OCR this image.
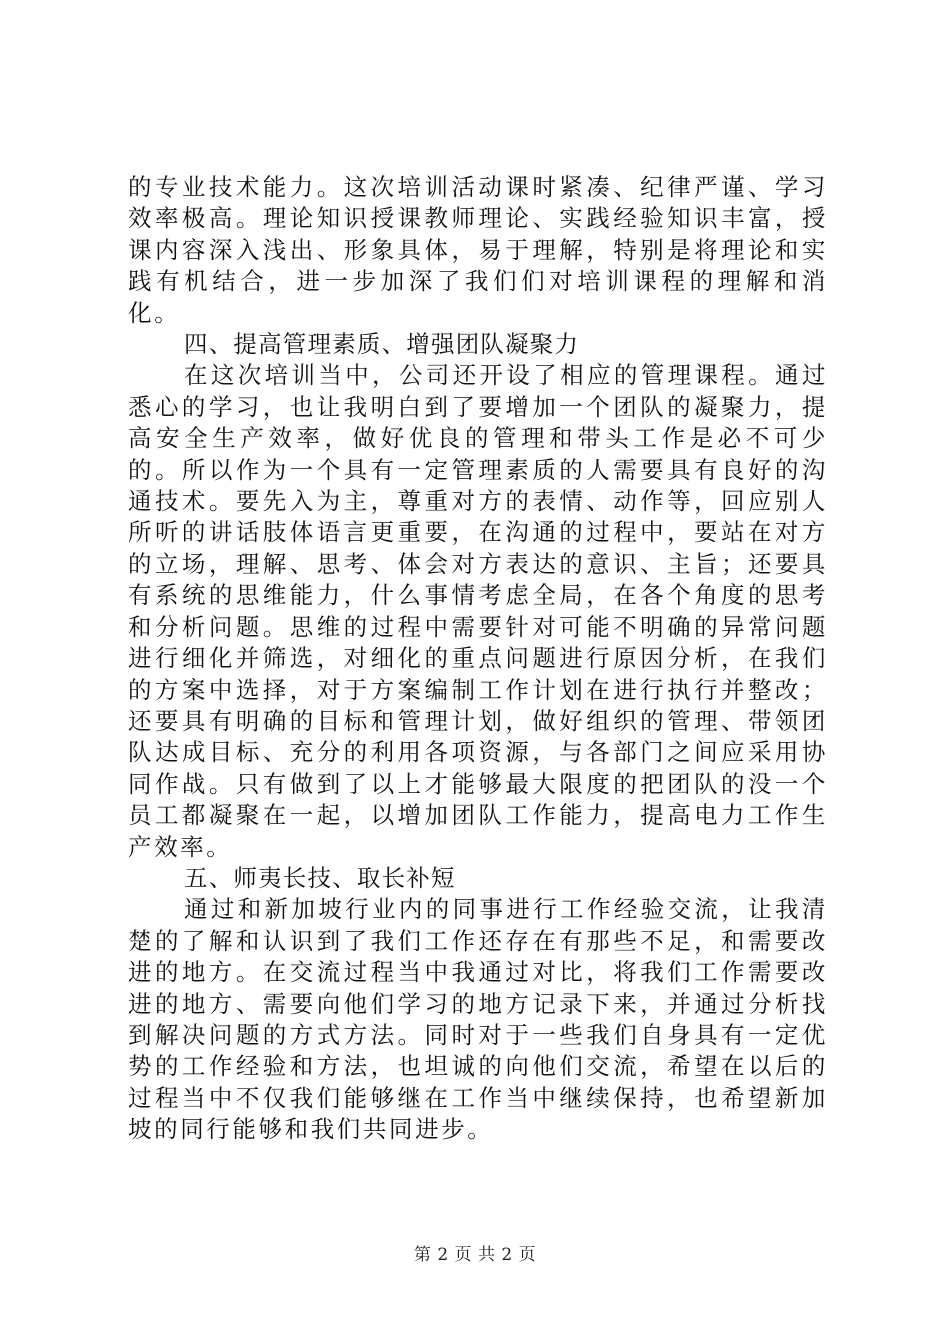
的专业技术能力。这次培训活动课时紧凑、纪律严谨、学习效率极高。理论知识授课教师理论、实践经验知识丰富，授课内容深入浅出、形象具体，易于理解，特别是将理论和实践有机结合，进一步加深了我们们对培训课程的理解和消化。

四、提高管理素质、增强团队凝聚力

在这次培训当中，公司还开设了相应的管理课程。通过悉心的学习，也让我明白到了要增加一个团队的凝聚力，提高安全生产效率，做好优良的管理和带头工作是必不可少的。所以作为一个具有一定管理素质的人需要具有良好的沟通技术。要先入为主，尊重对方的表情、动作等，回应别人所听的讲话肢体语言更重要，在沟通的过程中，要站在对方的立场，理解、思考、体会对方表达的意识、主旨；还要具有系统的思维能力，什么事情考虑全局，在各个角度的思考和分析问题。思维的过程中需要针对可能不明确的异常问题进行细化并筛选，对细化的重点问题进行原因分析，在我们的方案中选择，对于方案编制工作计划在进行执行并整改；还要具有明确的目标和管理计划，做好组织的管理、带领团队达成目标、充分的利用各项资源，与各部门之间应采用协同作战。只有做到了以上才能够最大限度的把团队的没一个员工都凝聚在一起，以增加团队工作能力，提高电力工作生产效率。

五、师夷长技、取长补短

通过和新加坡行业内的同事进行工作经验交流，让我清楚的了解和认识到了我们工作还存在有那些不足，和需要改进的地方。在交流过程当中我通过对比，将我们工作需要改进的地方、需要向他们学习的地方记录下来，并通过分析找到解决问题的方式方法。同时对于一些我们自身具有一定优势的工作经验和方法，也坦诚的向他们交流，希望在以后的过程当中不仅我们能够继在工作当中继续保持，也希望新加坡的同行能够和我们共同进步。

第 2 页 共 2 页
